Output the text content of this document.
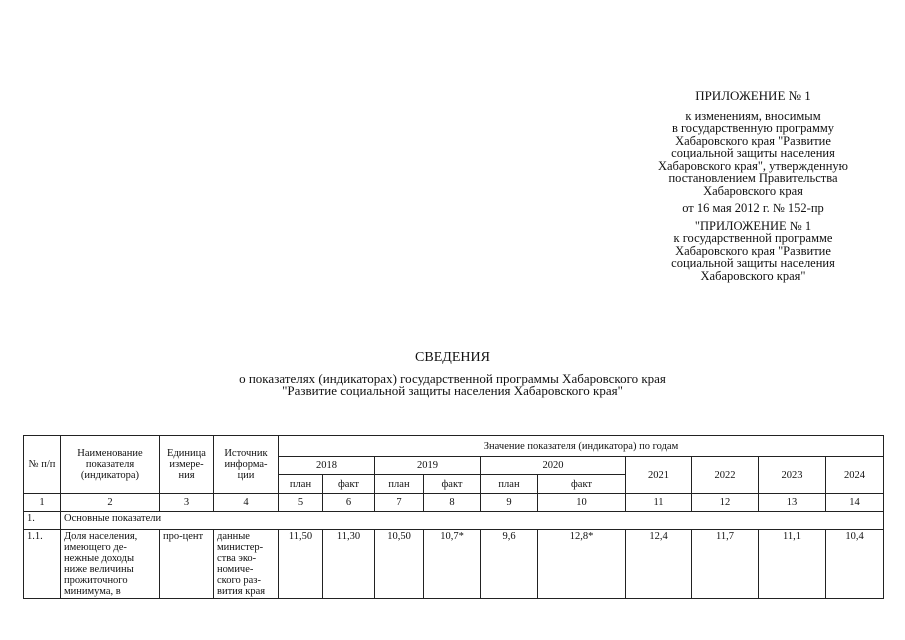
ПРИЛОЖЕНИЕ № 1
к изменениям, вносимым
в государственную программу
Хабаровского края "Развитие
социальной защиты населения
Хабаровского края", утвержденную
постановлением Правительства
Хабаровского края
от 16 мая 2012 г. № 152-пр
"ПРИЛОЖЕНИЕ № 1
к государственной программе
Хабаровского края "Развитие
социальной защиты населения
Хабаровского края"
СВЕДЕНИЯ
о показателях (индикаторах) государственной программы Хабаровского края
"Развитие социальной защиты населения Хабаровского края"
№ п/п	Наименование показателя (индикатора)	Единица измере-ния	Источник информа-ции	Значение показателя (индикатора) по годам									
				2018		2019		2020		2021	2022	2023	2024
				план	факт	план	факт	план	факт				
1	2	3	4	5	6	7	8	9	10	11	12	13	14
1.	Основные показатели												
1.1.	Доля населения, имеющего де-нежные доходы ниже величины прожиточного минимума, в	про-цент	данные министер-ства эко-номиче-ского раз-вития края	11,50	11,30	10,50	10,7*	9,6	12,8*	12,4	11,7	11,1	10,4
